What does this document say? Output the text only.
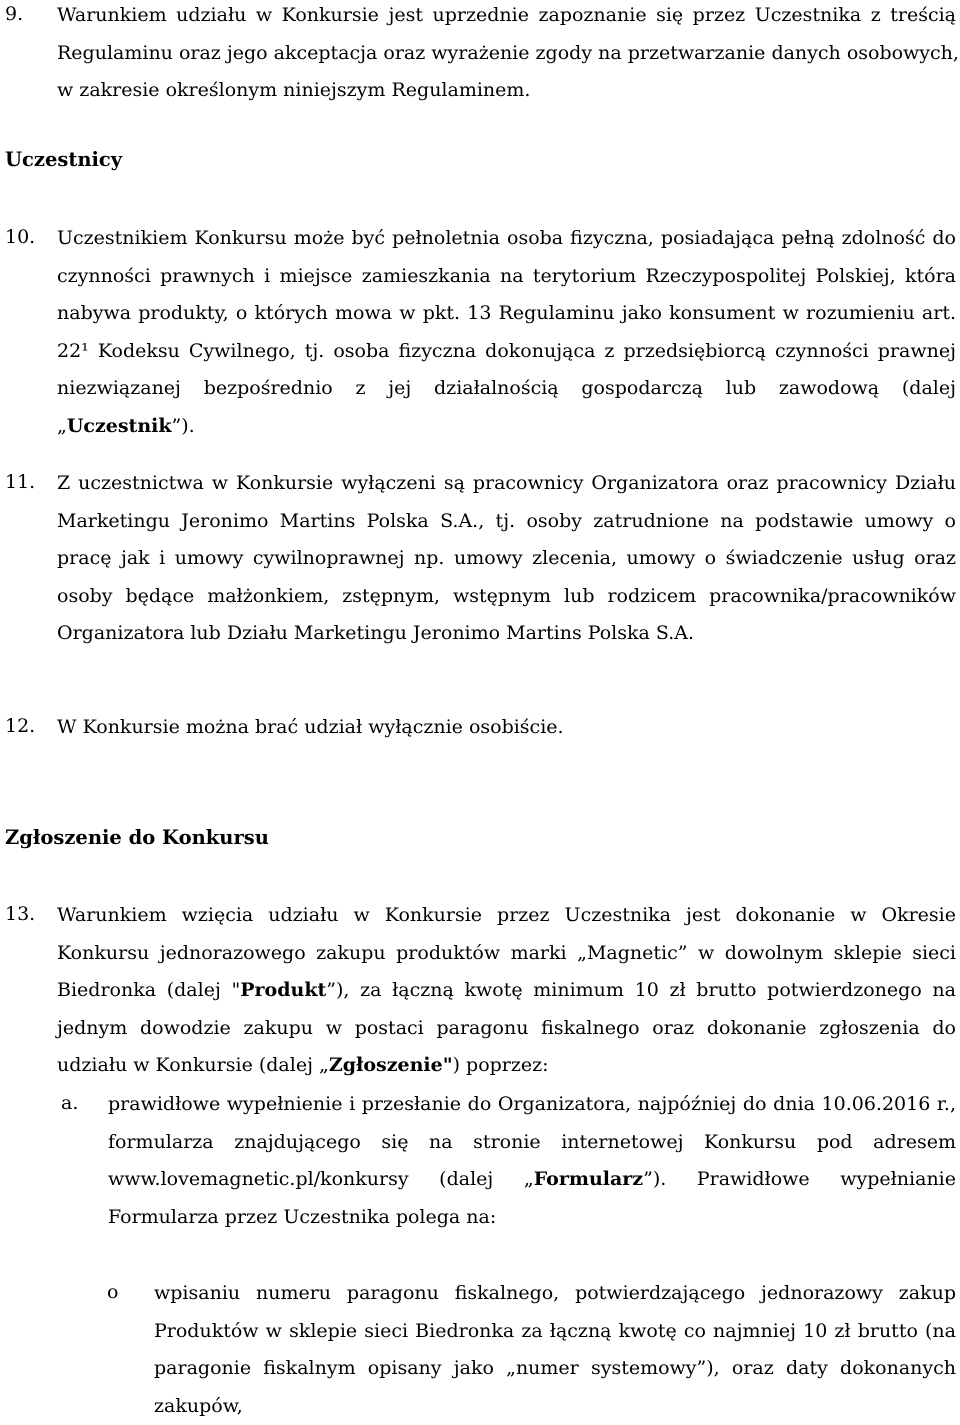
9. Warunkiem udziału w Konkursie jest uprzednie zapoznanie się przez Uczestnika z treścią
Regulaminu oraz jego akceptacja oraz wyrażenie zgody na przetwarzanie danych osobowych,
w zakresie określonym niniejszym Regulaminem.
Uczestnicy
10. Uczestnikiem Konkursu może być pełnoletnia osoba fizyczna, posiadająca pełną zdolność do
czynności prawnych i miejsce zamieszkania na terytorium Rzeczypospolitej Polskiej, która
nabywa produkty, o których mowa w pkt. 13 Regulaminu jako konsument w rozumieniu art.
22¹ Kodeksu Cywilnego, tj. osoba fizyczna dokonująca z przedsiębiorcą czynności prawnej
niezwiązanej bezpośrednio z jej działalnością gospodarczą lub zawodową (dalej
„Uczestnik”).
11. Z uczestnictwa w Konkursie wyłączeni są pracownicy Organizatora oraz pracownicy Działu
Marketingu Jeronimo Martins Polska S.A., tj. osoby zatrudnione na podstawie umowy o
pracę jak i umowy cywilnoprawnej np. umowy zlecenia, umowy o świadczenie usług oraz
osoby będące małżonkiem, zstępnym, wstępnym lub rodzicem pracownika/pracowników
Organizatora lub Działu Marketingu Jeronimo Martins Polska S.A.
12. W Konkursie można brać udział wyłącznie osobiście.
Zgłoszenie do Konkursu
13. Warunkiem wzięcia udziału w Konkursie przez Uczestnika jest dokonanie w Okresie
Konkursu jednorazowego zakupu produktów marki „Magnetic” w dowolnym sklepie sieci
Biedronka (dalej "Produkt”), za łączną kwotę minimum 10 zł brutto potwierdzonego na
jednym dowodzie zakupu w postaci paragonu fiskalnego oraz dokonanie zgłoszenia do
udziału w Konkursie (dalej „Zgłoszenie") poprzez:
a. prawidłowe wypełnienie i przesłanie do Organizatora, najpóźniej do dnia 10.06.2016 r.,
formularza znajdującego się na stronie internetowej Konkursu pod adresem
www.lovemagnetic.pl/konkursy (dalej „Formularz”). Prawidłowe wypełnianie
Formularza przez Uczestnika polega na:
o wpisaniu numeru paragonu fiskalnego, potwierdzającego jednorazowy zakup
Produktów w sklepie sieci Biedronka za łączną kwotę co najmniej 10 zł brutto (na
paragonie fiskalnym opisany jako „numer systemowy”), oraz daty dokonanych
zakupów,
